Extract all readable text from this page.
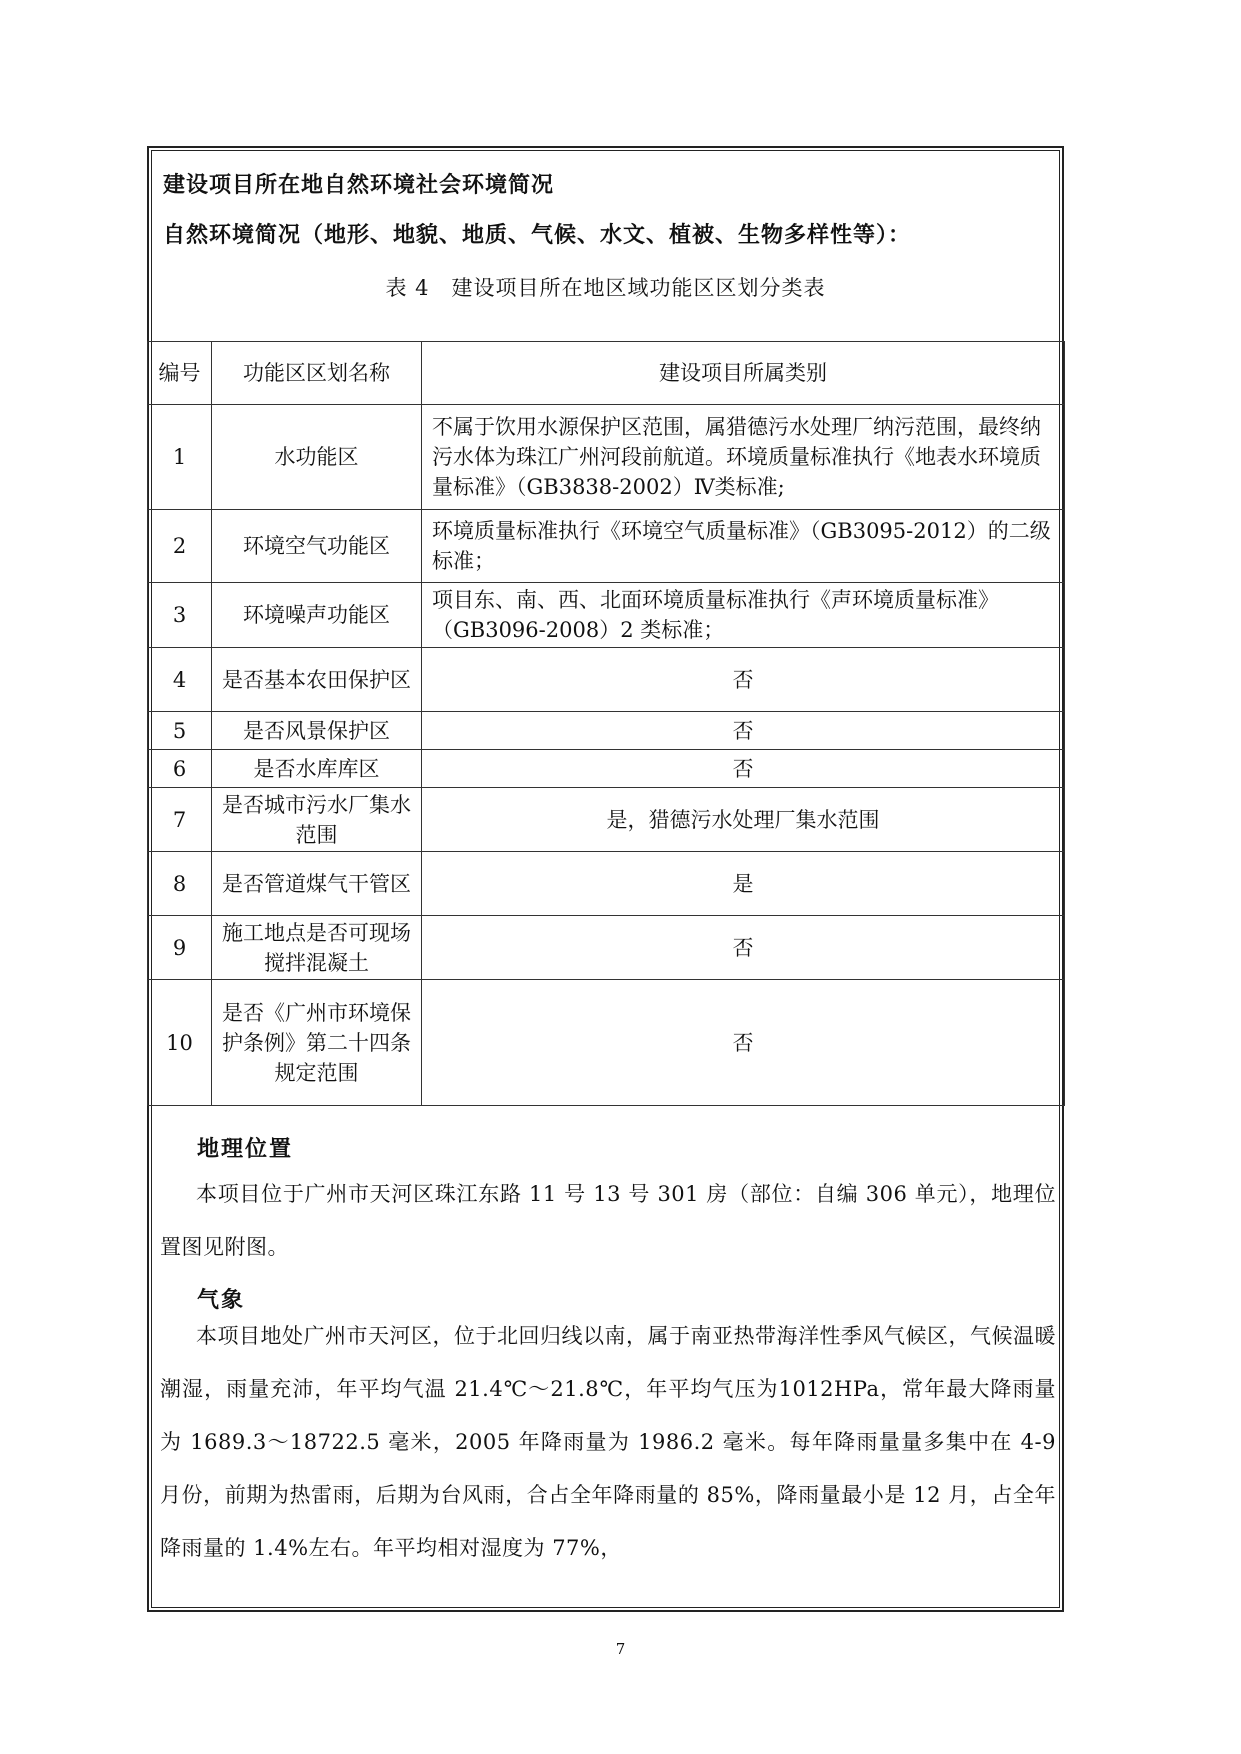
建设项目所在地自然环境社会环境简况
自然环境简况（地形、地貌、地质、气候、水文、植被、生物多样性等）：
表 4　建设项目所在地区域功能区区划分类表
编号	功能区区划名称	建设项目所属类别
1	水功能区	不属于饮用水源保护区范围，属猎德污水处理厂纳污范围，最终纳污水体为珠江广州河段前航道。环境质量标准执行《地表水环境质量标准》（GB3838-2002）Ⅳ类标准;
2	环境空气功能区	环境质量标准执行《环境空气质量标准》（GB3095-2012）的二级标准；
3	环境噪声功能区	项目东、南、西、北面环境质量标准执行《声环境质量标准》（GB3096-2008）2 类标准；
4	是否基本农田保护区	否
5	是否风景保护区	否
6	是否水库库区	否
7	是否城市污水厂集水范围	是，猎德污水处理厂集水范围
8	是否管道煤气干管区	是
9	施工地点是否可现场搅拌混凝土	否
10	是否《广州市环境保护条例》第二十四条规定范围	否
地理位置
本项目位于广州市天河区珠江东路 11 号 13 号 301 房（部位：自编 306 单元），地理位置图见附图。
气象
本项目地处广州市天河区，位于北回归线以南，属于南亚热带海洋性季风气候区，气候温暖潮湿，雨量充沛，年平均气温 21.4℃～21.8℃，年平均气压为1012HPa，常年最大降雨量为 1689.3～18722.5 毫米，2005 年降雨量为 1986.2 毫米。每年降雨量量多集中在 4-9 月份，前期为热雷雨，后期为台风雨，合占全年降雨量的 85%，降雨量最小是 12 月，占全年降雨量的 1.4%左右。年平均相对湿度为 77%，
7
